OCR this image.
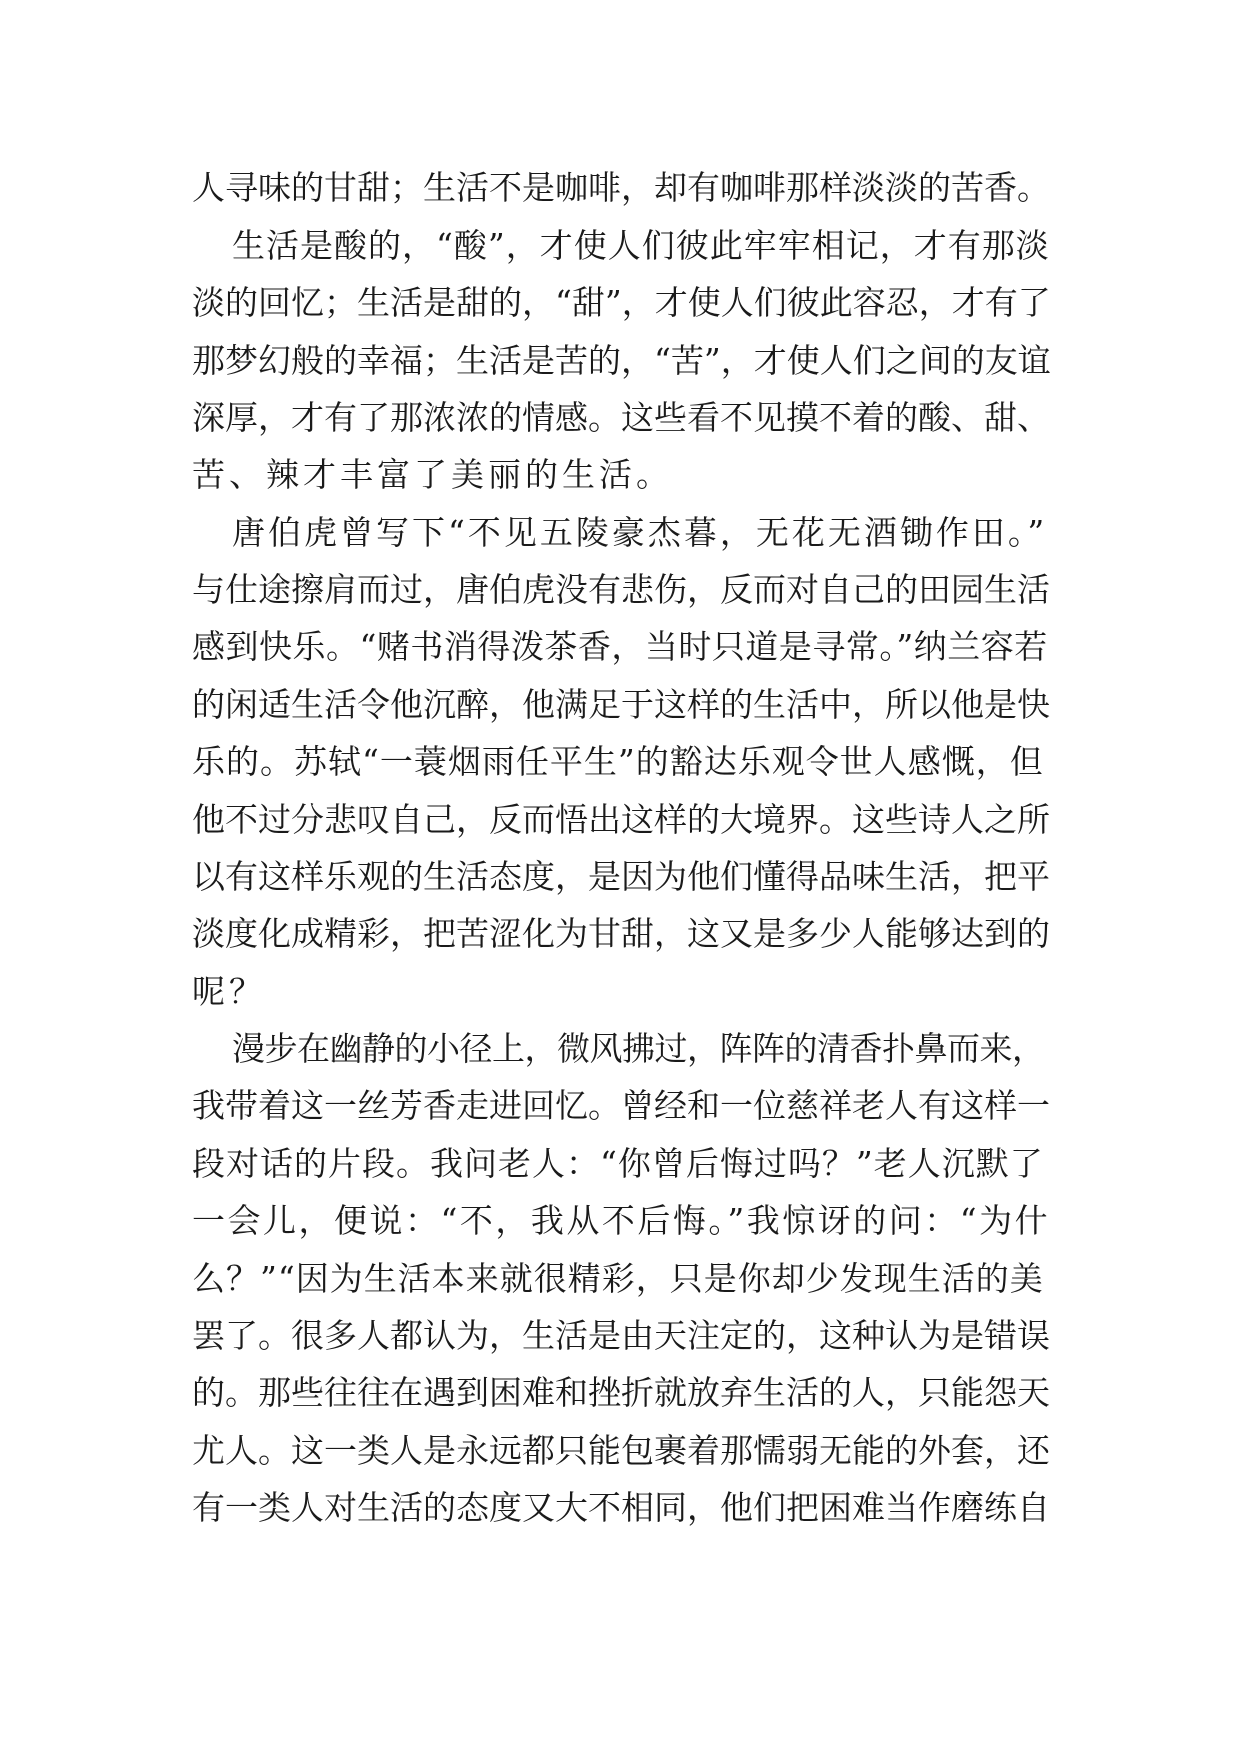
人寻味的甘甜；生活不是咖啡，却有咖啡那样淡淡的苦香。
生活是酸的，“酸”，才使人们彼此牢牢相记，才有那淡
淡的回忆；生活是甜的，“甜”，才使人们彼此容忍，才有了
那梦幻般的幸福；生活是苦的，“苦”，才使人们之间的友谊
深厚，才有了那浓浓的情感。这些看不见摸不着的酸、甜、
苦、辣才丰富了美丽的生活。
唐伯虎曾写下“不见五陵豪杰暮，无花无酒锄作田。”
与仕途擦肩而过，唐伯虎没有悲伤，反而对自己的田园生活
感到快乐。“赌书消得泼茶香，当时只道是寻常。”纳兰容若
的闲适生活令他沉醉，他满足于这样的生活中，所以他是快
乐的。苏轼“一蓑烟雨任平生”的豁达乐观令世人感慨，但
他不过分悲叹自己，反而悟出这样的大境界。这些诗人之所
以有这样乐观的生活态度，是因为他们懂得品味生活，把平
淡度化成精彩，把苦涩化为甘甜，这又是多少人能够达到的
呢？
漫步在幽静的小径上，微风拂过，阵阵的清香扑鼻而来，
我带着这一丝芳香走进回忆。曾经和一位慈祥老人有这样一
段对话的片段。我问老人：“你曾后悔过吗？”老人沉默了
一会儿，便说：“不，我从不后悔。”我惊讶的问：“为什
么？”“因为生活本来就很精彩，只是你却少发现生活的美
罢了。很多人都认为，生活是由天注定的，这种认为是错误
的。那些往往在遇到困难和挫折就放弃生活的人，只能怨天
尤人。这一类人是永远都只能包裹着那懦弱无能的外套，还
有一类人对生活的态度又大不相同，他们把困难当作磨练自
